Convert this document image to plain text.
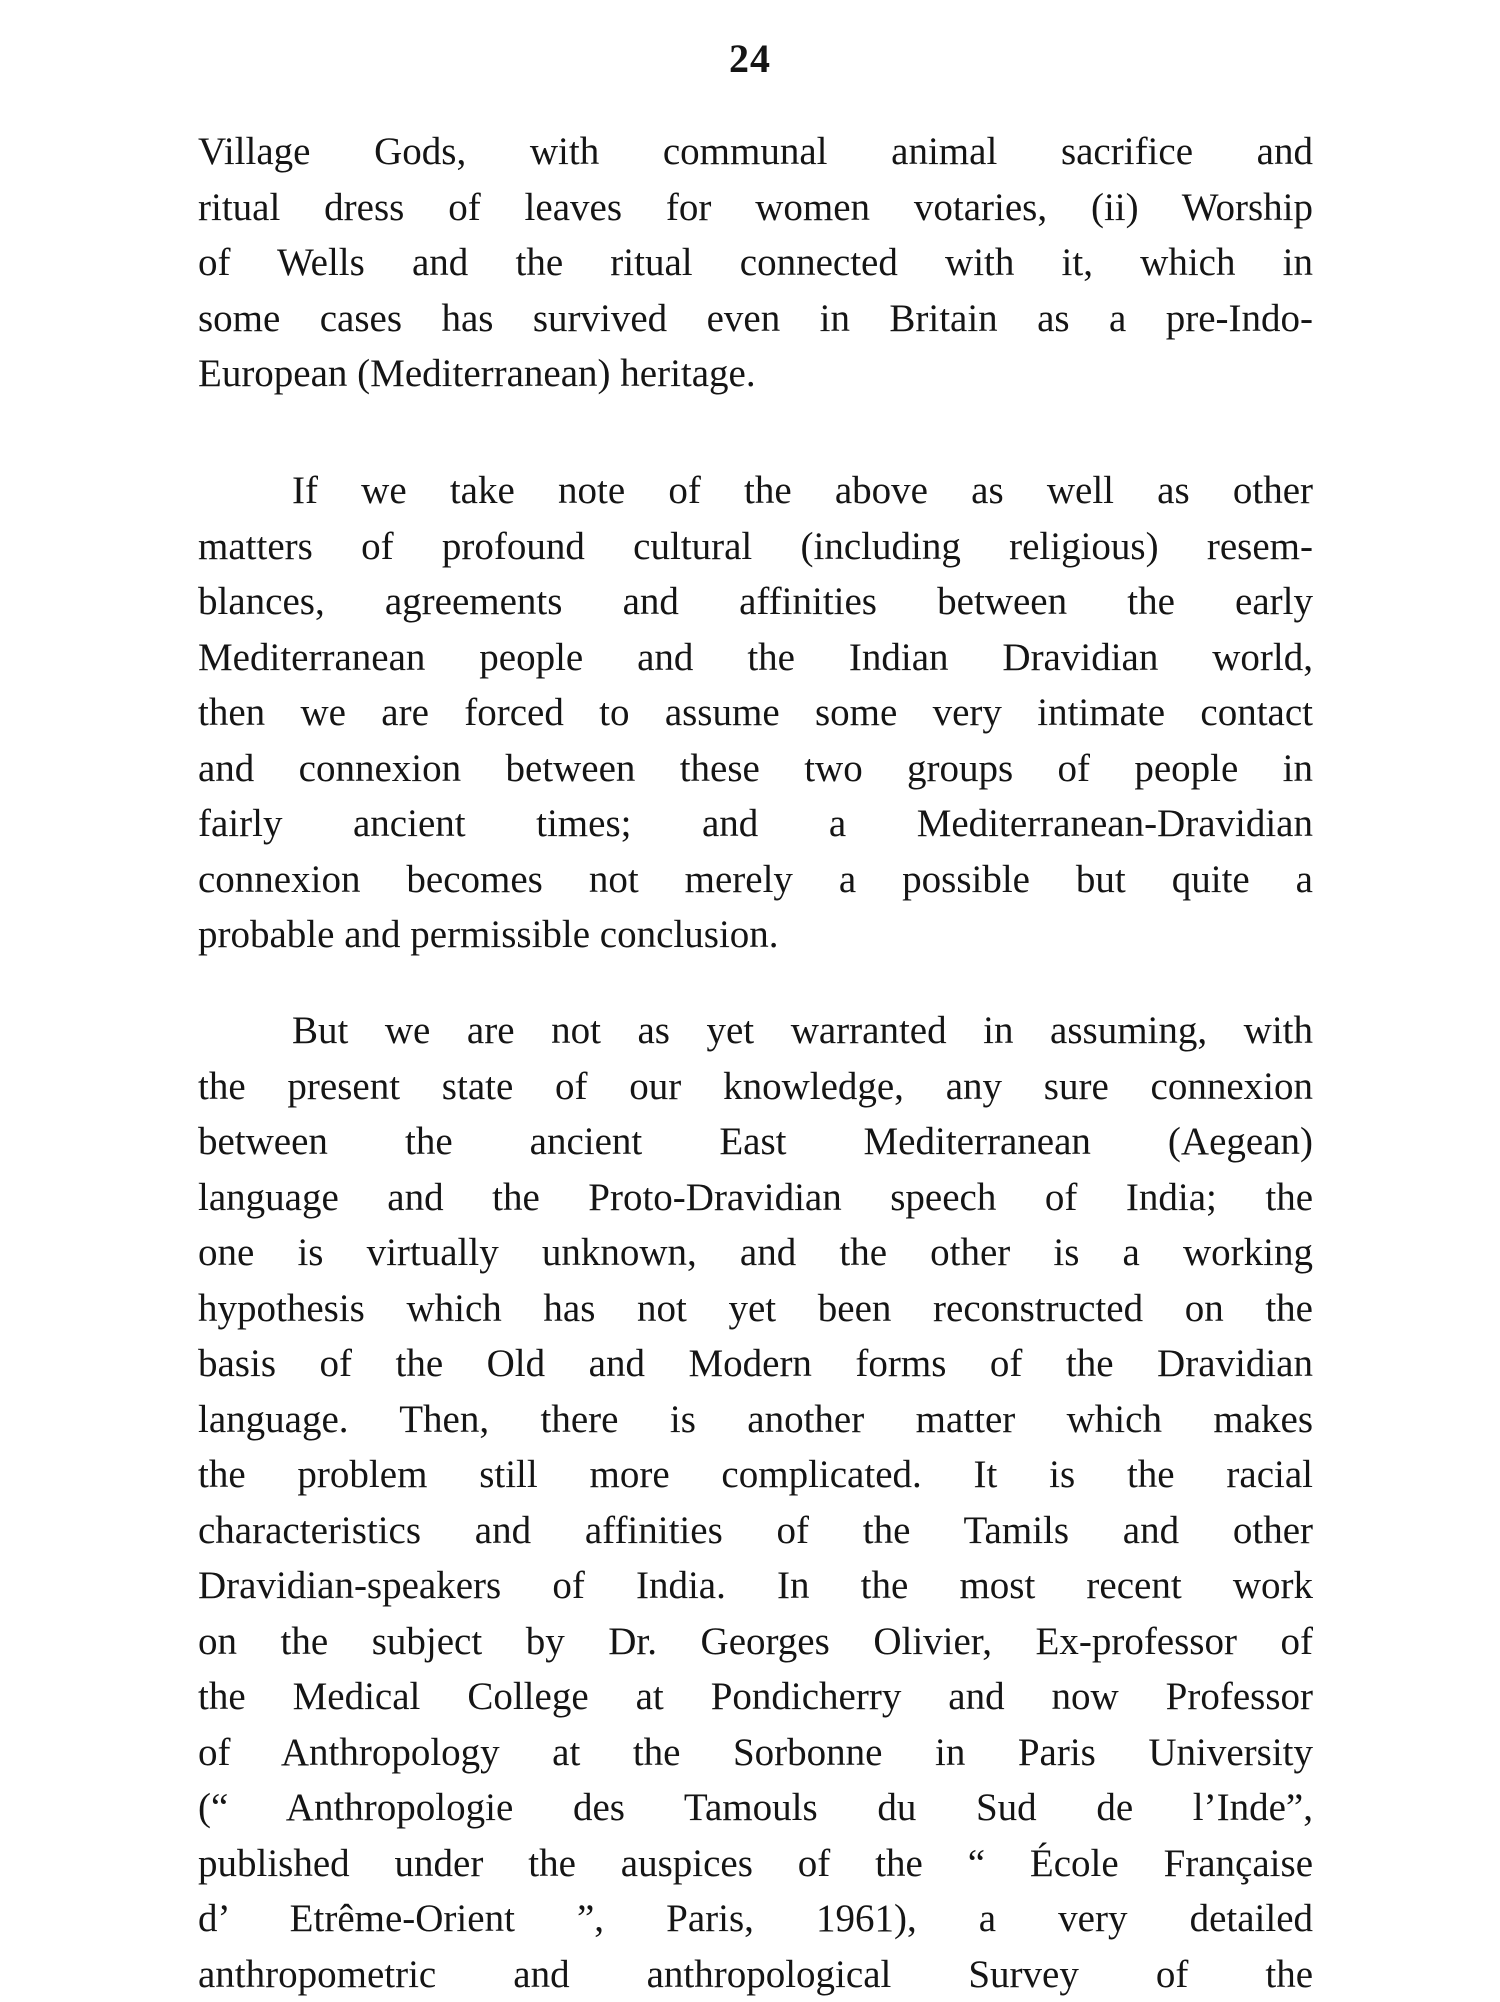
24
Village Gods, with communal animal sacrifice and
ritual dress of leaves for women votaries, (ii) Worship
of Wells and the ritual connected with it, which in
some cases has survived even in Britain as a pre-Indo-
European (Mediterranean) heritage.
If we take note of the above as well as other
matters of profound cultural (including religious) resem-
blances, agreements and affinities between the early
Mediterranean people and the Indian Dravidian world,
then we are forced to assume some very intimate contact
and connexion between these two groups of people in
fairly ancient times; and a Mediterranean-Dravidian
connexion becomes not merely a possible but quite a
probable and permissible conclusion.
But we are not as yet warranted in assuming, with
the present state of our knowledge, any sure connexion
between the ancient East Mediterranean (Aegean)
language and the Proto-Dravidian speech of India; the
one is virtually unknown, and the other is a working
hypothesis which has not yet been reconstructed on the
basis of the Old and Modern forms of the Dravidian
language. Then, there is another matter which makes
the problem still more complicated. It is the racial
characteristics and affinities of the Tamils and other
Dravidian-speakers of India. In the most recent work
on the subject by Dr. Georges Olivier, Ex-professor of
the Medical College at Pondicherry and now Professor
of Anthropology at the Sorbonne in Paris University
(“ Anthropologie des Tamouls du Sud de l’Inde”,
published under the auspices of the “ École Française
d’ Etrême-Orient ”, Paris, 1961), a very detailed
anthropometric and anthropological Survey of the
